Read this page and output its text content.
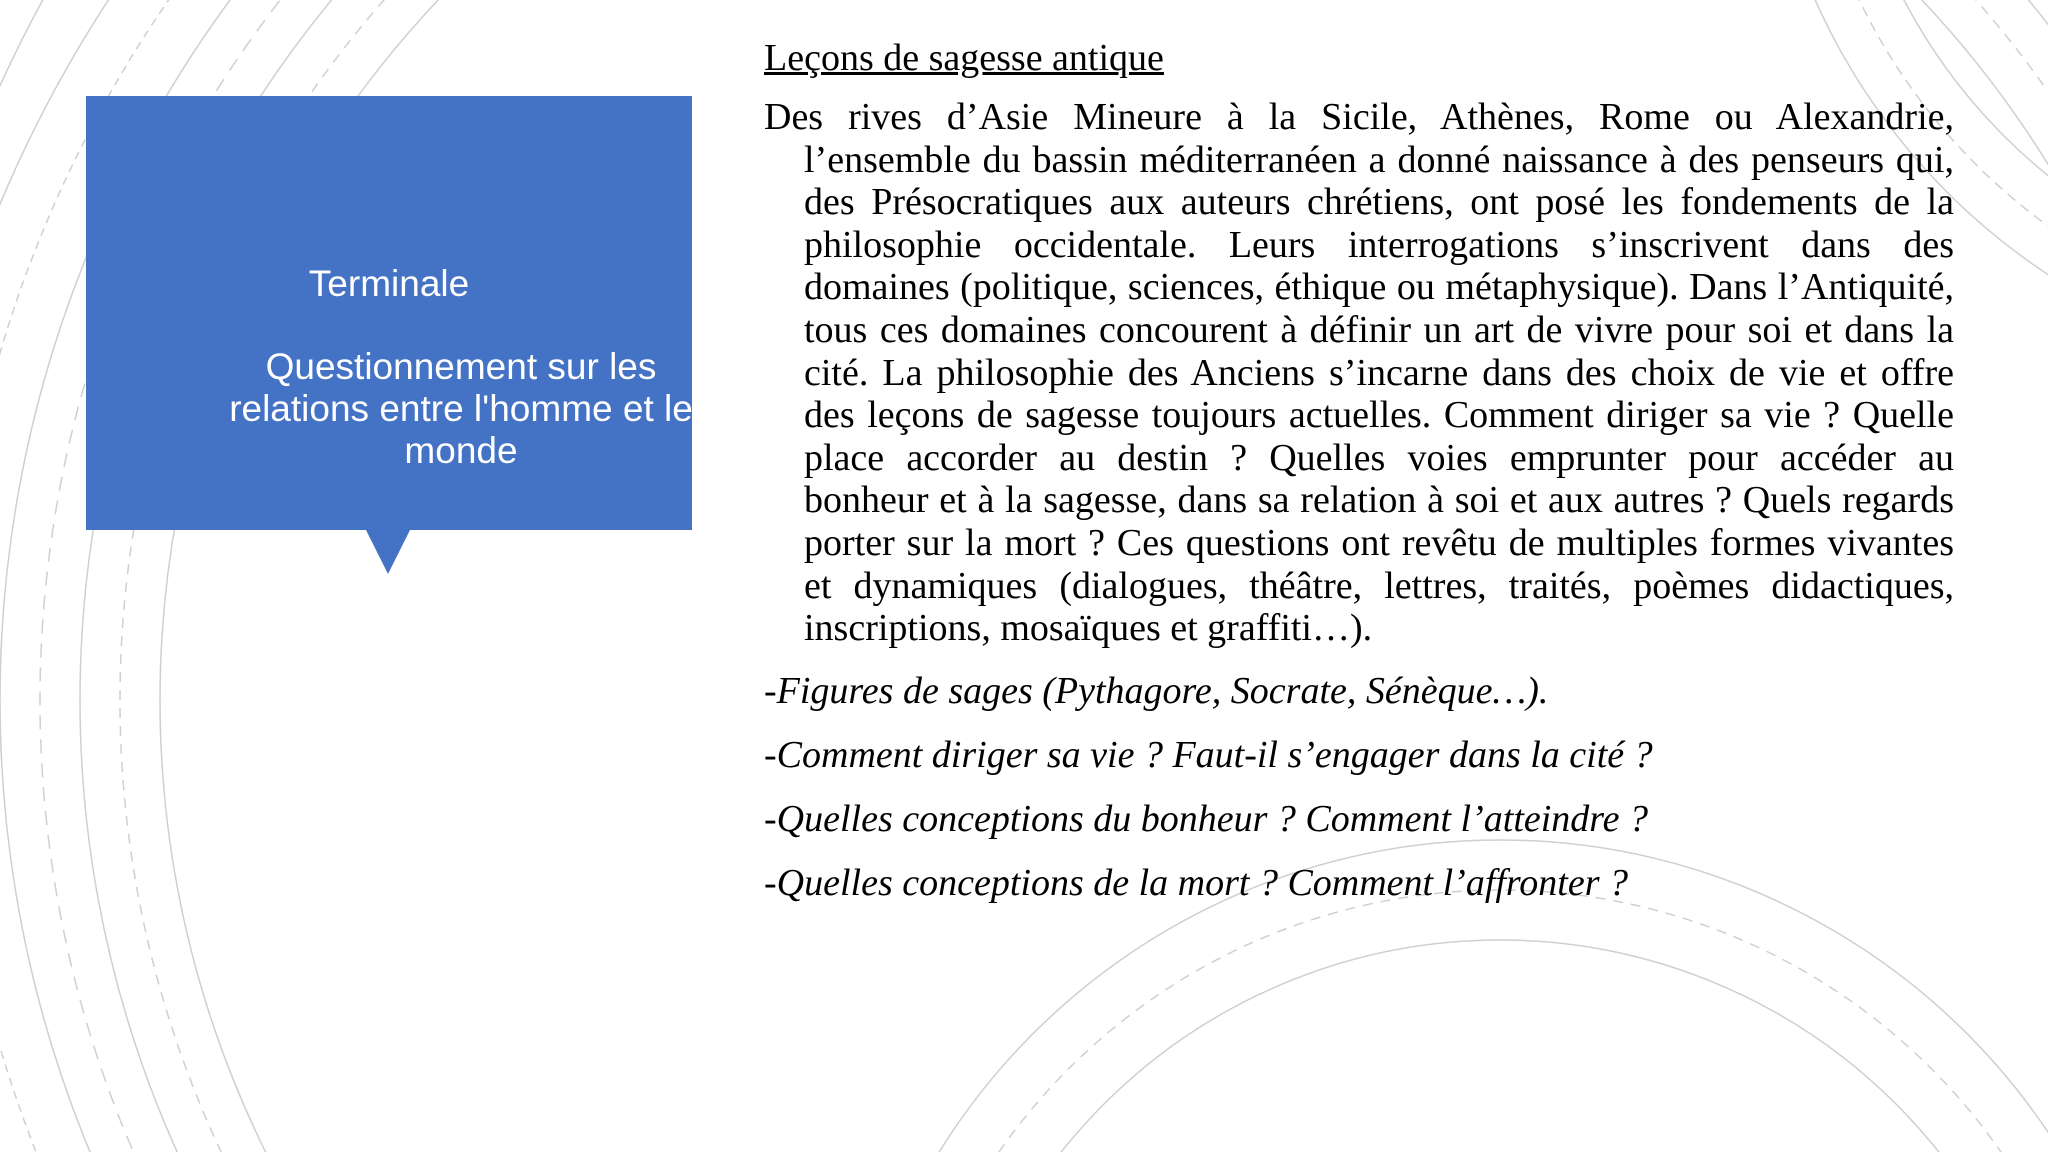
Terminale

Questionnement sur les relations entre l'homme et le monde

Leçons de sagesse antique

Des rives d’Asie Mineure à la Sicile, Athènes, Rome ou Alexandrie, l’ensemble du bassin méditerranéen a donné naissance à des penseurs qui, des Présocratiques aux auteurs chrétiens, ont posé les fondements de la philosophie occidentale. Leurs interrogations s’inscrivent dans des domaines (politique, sciences, éthique ou métaphysique). Dans l’Antiquité, tous ces domaines concourent à définir un art de vivre pour soi et dans la cité. La philosophie des Anciens s’incarne dans des choix de vie et offre des leçons de sagesse toujours actuelles. Comment diriger sa vie ? Quelle place accorder au destin ? Quelles voies emprunter pour accéder au bonheur et à la sagesse, dans sa relation à soi et aux autres ? Quels regards porter sur la mort ? Ces questions ont revêtu de multiples formes vivantes et dynamiques (dialogues, théâtre, lettres, traités, poèmes didactiques, inscriptions, mosaïques et graffiti…).

-Figures de sages (Pythagore, Socrate, Sénèque…).

-Comment diriger sa vie ? Faut-il s’engager dans la cité ?

-Quelles conceptions du bonheur ? Comment l’atteindre ?

-Quelles conceptions de la mort ? Comment l’affronter ?
